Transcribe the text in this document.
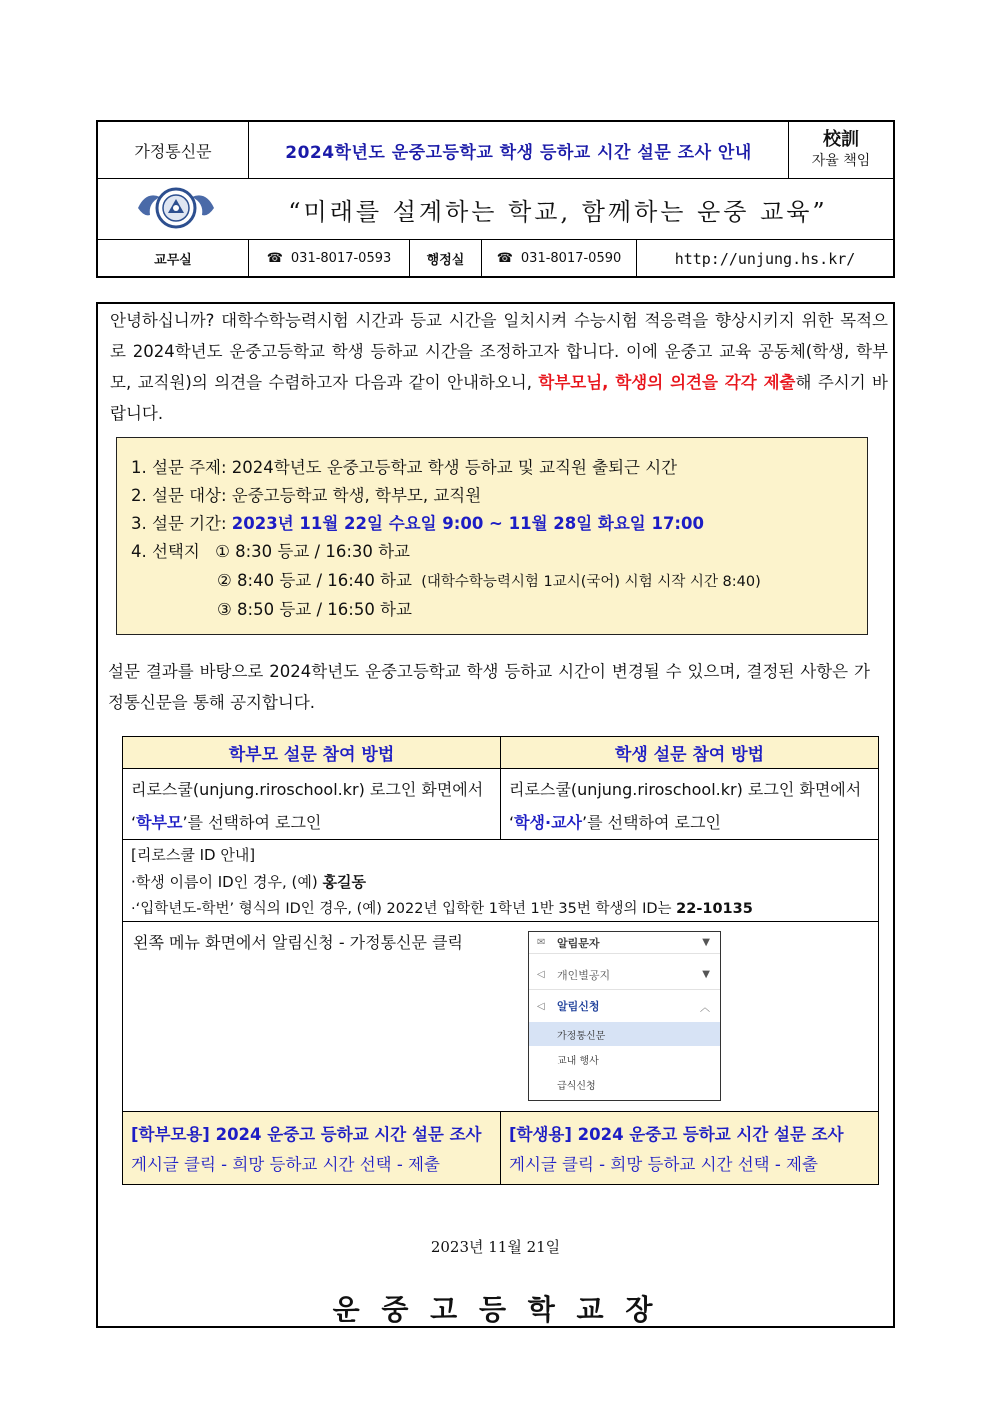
가정통신문	2024학년도 운중고등학교 학생 등하교 시간 설문 조사 안내
校訓
자율 책임
“미래를 설계하는 학교, 함께하는 운중 교육”
교무실	☎ 031-8017-0593	행정실	☎ 031-8017-0590	http://unjung.hs.kr/
안녕하십니까? 대학수학능력시험 시간과 등교 시간을 일치시켜 수능시험 적응력을 향상시키지 위한 목적으로 2024학년도 운중고등학교 학생 등하교 시간을 조정하고자 합니다. 이에 운중고 교육 공동체(학생, 학부모, 교직원)의 의견을 수렴하고자 다음과 같이 안내하오니, 학부모님, 학생의 의견을 각각 제출해 주시기 바랍니다.
1. 설문 주제: 2024학년도 운중고등학교 학생 등하교 및 교직원 출퇴근 시간
2. 설문 대상: 운중고등학교 학생, 학부모, 교직원
3. 설문 기간: 2023년 11월 22일 수요일 9:00 ~ 11월 28일 화요일 17:00
4. 선택지 ① 8:30 등교 / 16:30 하교
② 8:40 등교 / 16:40 하교 (대학수학능력시험 1교시(국어) 시험 시작 시간 8:40)
③ 8:50 등교 / 16:50 하교
설문 결과를 바탕으로 2024학년도 운중고등학교 학생 등하교 시간이 변경될 수 있으며, 결정된 사항은 가정통신문을 통해 공지합니다.
학부모 설문 참여 방법	학생 설문 참여 방법
리로스쿨(unjung.riroschool.kr) 로그인 화면에서
‘학부모’를 선택하여 로그인
리로스쿨(unjung.riroschool.kr) 로그인 화면에서
‘학생·교사’를 선택하여 로그인
[리로스쿨 ID 안내]
·학생 이름이 ID인 경우, (예) 홍길동
·‘입학년도-학번’ 형식의 ID인 경우, (예) 2022년 입학한 1학년 1반 35번 학생의 ID는 22-10135
왼쪽 메뉴 화면에서 알림신청 - 가정통신문 클릭	✉	알림문자	▼
◁	개인별공지	▼
◁	알림신청	︿
가정통신문
교내 행사
급식신청
[학부모용] 2024 운중고 등하교 시간 설문 조사
게시글 클릭 - 희망 등하교 시간 선택 - 제출
[학생용] 2024 운중고 등하교 시간 설문 조사
게시글 클릭 - 희망 등하교 시간 선택 - 제출
2023년 11월 21일
운 중 고 등 학 교 장
